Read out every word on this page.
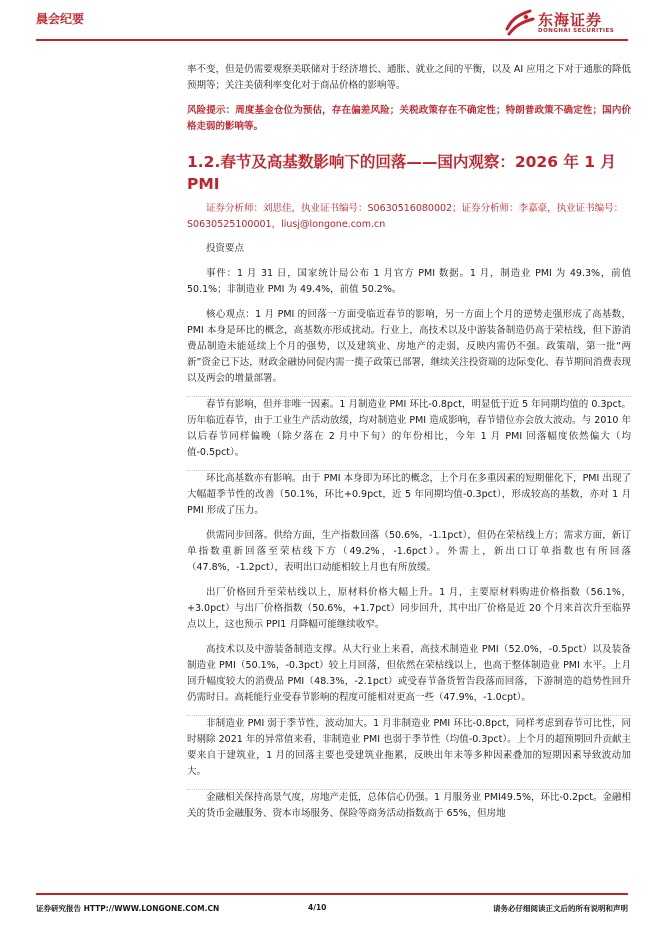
晨会纪要	东海证券
DONGHAI SECURITIES

率不变，但是仍需要观察美联储对于经济增长、通胀、就业之间的平衡，以及 AI 应用之下对于通胀的降低预期等；关注美债利率变化对于商品价格的影响等。

风险提示：周度基金仓位为预估，存在偏差风险；关税政策存在不确定性；特朗普政策不确定性；国内价格走弱的影响等。

1.2.春节及高基数影响下的回落——国内观察：2026 年 1 月 PMI

证券分析师：刘思佳，执业证书编号：S0630516080002；证券分析师：李嘉豪，执业证书编号：S0630525100001，liusj@longone.com.cn

投资要点

事件：1 月 31 日，国家统计局公布 1 月官方 PMI 数据。1 月，制造业 PMI 为 49.3%，前值 50.1%；非制造业 PMI 为 49.4%，前值 50.2%。

核心观点：1 月 PMI 的回落一方面受临近春节的影响，另一方面上个月的逆势走强形成了高基数，PMI 本身是环比的概念，高基数亦形成扰动。行业上，高技术以及中游装备制造仍高于荣枯线，但下游消费品制造未能延续上个月的强势，以及建筑业、房地产的走弱，反映内需仍不强。政策端，第一批“两新”资金已下达，财政金融协同促内需一揽子政策已部署，继续关注投资端的边际变化、春节期间消费表现以及两会的增量部署。

春节有影响，但并非唯一因素。1 月制造业 PMI 环比-0.8pct，明显低于近 5 年同期均值的 0.3pct。历年临近春节，由于工业生产活动放缓，均对制造业 PMI 造成影响，春节错位亦会放大波动。与 2010 年以后春节同样偏晚（除夕落在 2 月中下旬）的年份相比，今年 1 月 PMI 回落幅度依然偏大（均值-0.5pct）。

环比高基数亦有影响。由于 PMI 本身即为环比的概念，上个月在多重因素的短期催化下，PMI 出现了大幅超季节性的改善（50.1%，环比+0.9pct，近 5 年同期均值-0.3pct），形成较高的基数，亦对 1 月 PMI 形成了压力。

供需同步回落。供给方面，生产指数回落（50.6%，-1.1pct），但仍在荣枯线上方；需求方面，新订单指数重新回落至荣枯线下方（49.2%，-1.6pct）。外需上，新出口订单指数也有所回落（47.8%，-1.2pct），表明出口动能相较上月也有所放缓。

出厂价格回升至荣枯线以上，原材料价格大幅上升。1 月，主要原材料购进价格指数（56.1%，+3.0pct）与出厂价格指数（50.6%，+1.7pct）同步回升，其中出厂价格是近 20 个月来首次升至临界点以上，这也预示 PPI1 月降幅可能继续收窄。

高技术以及中游装备制造支撑。从大行业上来看，高技术制造业 PMI（52.0%，-0.5pct）以及装备制造业 PMI（50.1%，-0.3pct）较上月回落，但依然在荣枯线以上，也高于整体制造业 PMI 水平。上月回升幅度较大的消费品 PMI（48.3%，-2.1pct）或受春节备货暂告段落而回落，下游制造的趋势性回升仍需时日。高耗能行业受春节影响的程度可能相对更高一些（47.9%，-1.0cpt）。

非制造业 PMI 弱于季节性，波动加大。1 月非制造业 PMI 环比-0.8pct，同样考虑到春节可比性，同时剔除 2021 年的异常值来看，非制造业 PMI 也弱于季节性（均值-0.3pct）。上个月的超预期回升贡献主要来自于建筑业，1 月的回落主要也受建筑业拖累，反映出年末等多种因素叠加的短期因素导致波动加大。

金融相关保持高景气度，房地产走低，总体信心仍强。1 月服务业 PMI49.5%，环比-0.2pct。金融相关的货币金融服务、资本市场服务、保险等商务活动指数高于 65%，但房地

证券研究报告 HTTP://WWW.LONGONE.COM.CN	4/10	请务必仔细阅读正文后的所有说明和声明
